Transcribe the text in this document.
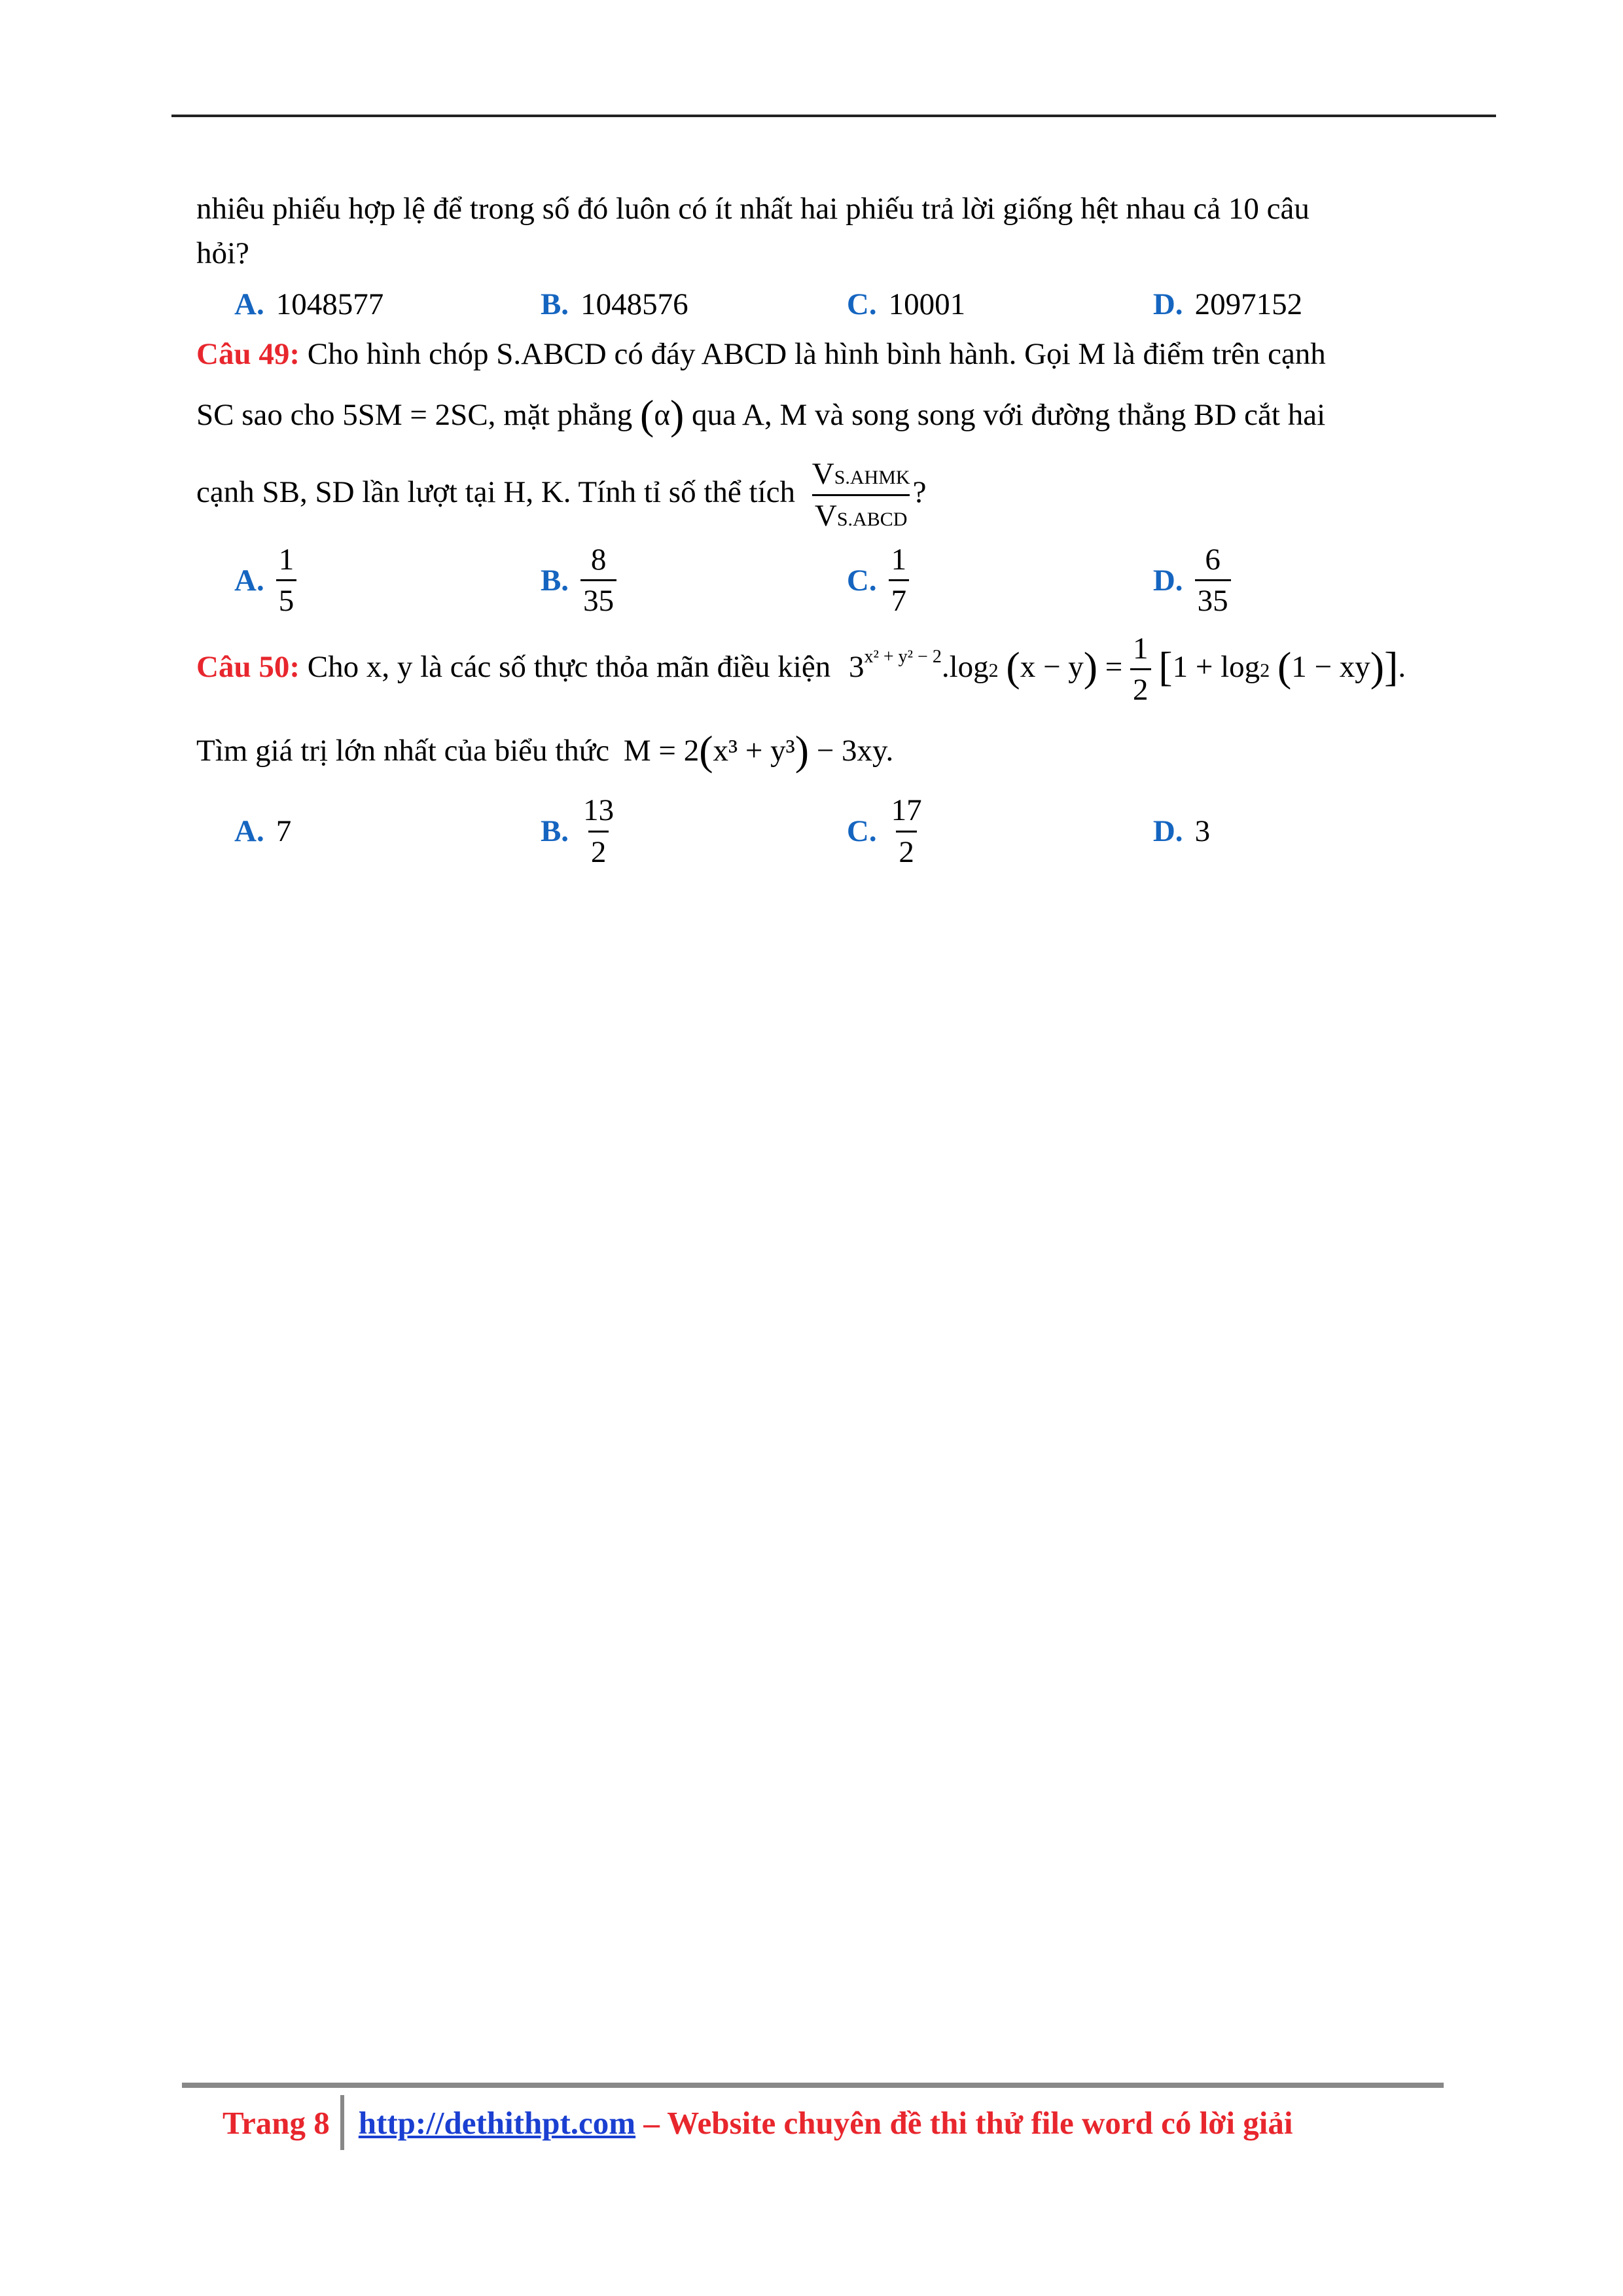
nhiêu phiếu hợp lệ để trong số đó luôn có ít nhất hai phiếu trả lời giống hệt nhau cả 10 câu

hỏi?

A. 1048577	B. 1048576	C. 10001	D. 2097152

Câu 49: Cho hình chóp S.ABCD có đáy ABCD là hình bình hành. Gọi M là điểm trên cạnh

SC sao cho 5SM = 2SC, mặt phẳng (α) qua A, M và song song với đường thẳng BD cắt hai

cạnh SB, SD lần lượt tại H, K. Tính tỉ số thể tích $\frac{\text{VS.AHMK}}{\text{VS.ABCD}}$ ?

A. $\frac{1}{5}$	B. $\frac{8}{35}$	C. $\frac{1}{7}$	D. $\frac{6}{35}$

Câu 50: Cho x, y là các số thực thỏa mãn điều kiện $3^{x^2 + y^2 - 2}.\log 2$ $(x - y) = \frac{1}{2} [1 + \log 2$ (1 − xy)].

Tìm giá trị lớn nhất của biểu thức M = 2(x³ + y³) − 3xy.

A. 7	B. $\frac{13}{2}$	C. $\frac{17}{2}$	D. 3
Trang 8 http://dethithpt.com – Website chuyên đề thi thử file word có lời giải
